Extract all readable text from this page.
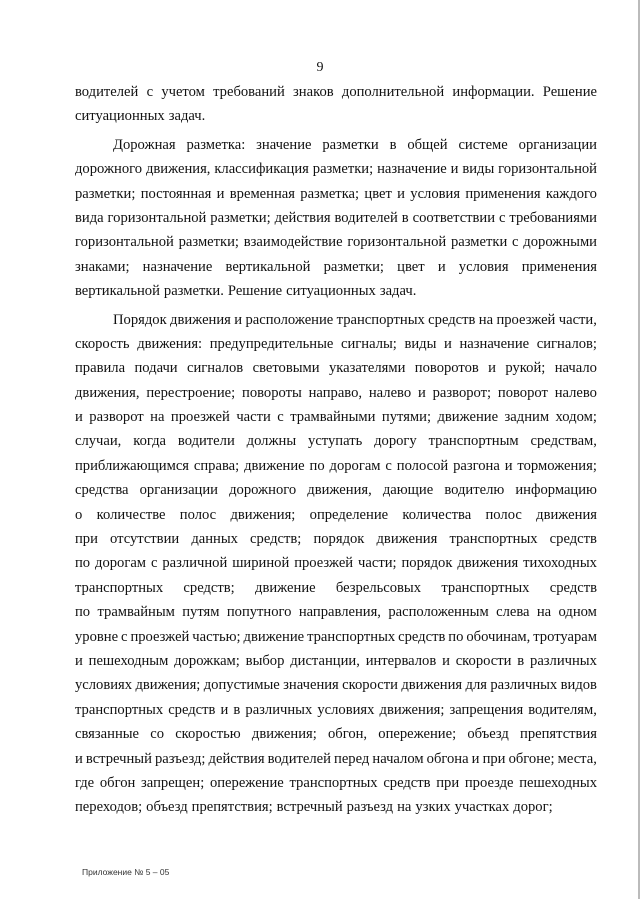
9
водителей с учетом требований знаков дополнительной информации. Решение
ситуационных задач.
Дорожная разметка: значение разметки в общей системе организации
дорожного движения, классификация разметки; назначение и виды горизонтальной
разметки; постоянная и временная разметка; цвет и условия применения каждого
вида горизонтальной разметки; действия водителей в соответствии с требованиями
горизонтальной разметки; взаимодействие горизонтальной разметки с дорожными
знаками; назначение вертикальной разметки; цвет и условия применения
вертикальной разметки. Решение ситуационных задач.
Порядок движения и расположение транспортных средств на проезжей части,
скорость движения: предупредительные сигналы; виды и назначение сигналов;
правила подачи сигналов световыми указателями поворотов и рукой; начало
движения, перестроение; повороты направо, налево и разворот; поворот налево
и разворот на проезжей части с трамвайными путями; движение задним ходом;
случаи, когда водители должны уступать дорогу транспортным средствам,
приближающимся справа; движение по дорогам с полосой разгона и торможения;
средства организации дорожного движения, дающие водителю информацию
о количестве полос движения; определение количества полос движения
при отсутствии данных средств; порядок движения транспортных средств
по дорогам с различной шириной проезжей части; порядок движения тихоходных
транспортных средств; движение безрельсовых транспортных средств
по трамвайным путям попутного направления, расположенным слева на одном
уровне с проезжей частью; движение транспортных средств по обочинам, тротуарам
и пешеходным дорожкам; выбор дистанции, интервалов и скорости в различных
условиях движения; допустимые значения скорости движения для различных видов
транспортных средств и в различных условиях движения; запрещения водителям,
связанные со скоростью движения; обгон, опережение; объезд препятствия
и встречный разъезд; действия водителей перед началом обгона и при обгоне; места,
где обгон запрещен; опережение транспортных средств при проезде пешеходных
переходов; объезд препятствия; встречный разъезд на узких участках дорог;
Приложение № 5 – 05
